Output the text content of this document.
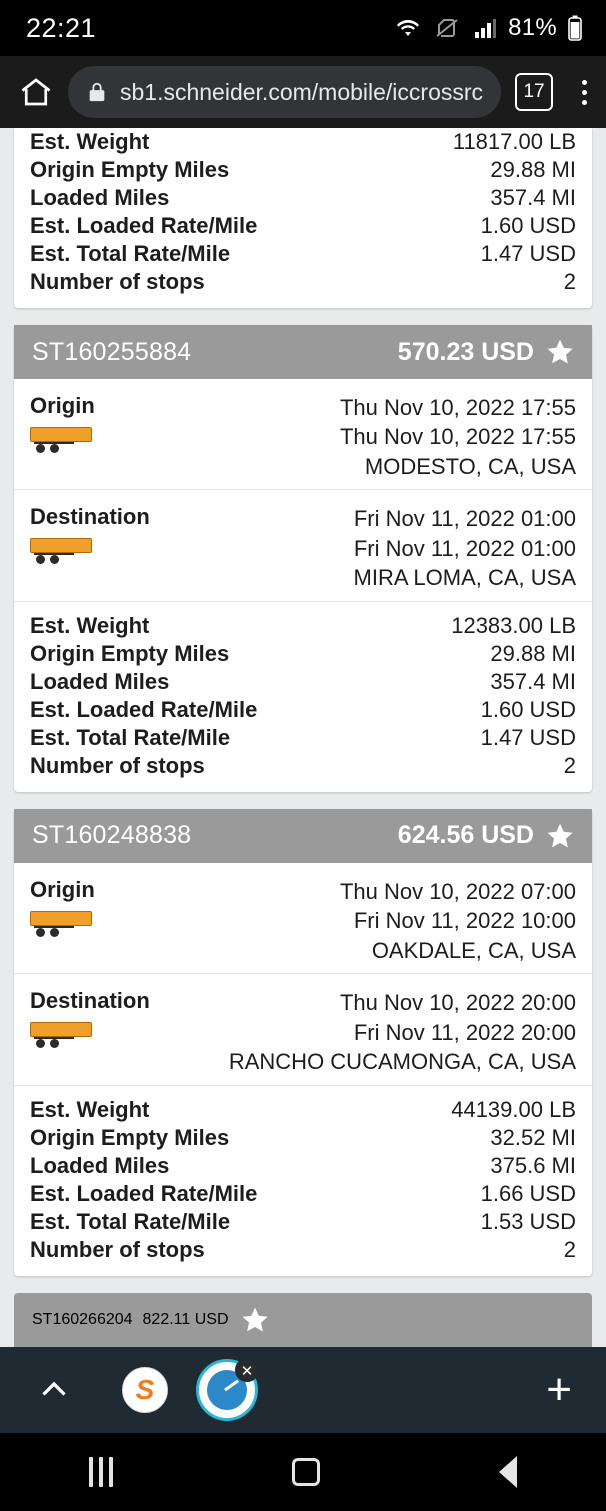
22:21	81%
sb1.schneider.com/mobile/iccrossrc	17
Est. Weight	11817.00 LB
Origin Empty Miles	29.88 MI
Loaded Miles	357.4 MI
Est. Loaded Rate/Mile	1.60 USD
Est. Total Rate/Mile	1.47 USD
Number of stops	2
ST160255884	570.23 USD
Origin	Thu Nov 10, 2022 17:55
Thu Nov 10, 2022 17:55
MODESTO, CA, USA
Destination	Fri Nov 11, 2022 01:00
Fri Nov 11, 2022 01:00
MIRA LOMA, CA, USA
Est. Weight	12383.00 LB
Origin Empty Miles	29.88 MI
Loaded Miles	357.4 MI
Est. Loaded Rate/Mile	1.60 USD
Est. Total Rate/Mile	1.47 USD
Number of stops	2
ST160248838	624.56 USD
Origin	Thu Nov 10, 2022 07:00
Fri Nov 11, 2022 10:00
OAKDALE, CA, USA
Destination	Thu Nov 10, 2022 20:00
Fri Nov 11, 2022 20:00
RANCHO CUCAMONGA, CA, USA
Est. Weight	44139.00 LB
Origin Empty Miles	32.52 MI
Loaded Miles	375.6 MI
Est. Loaded Rate/Mile	1.66 USD
Est. Total Rate/Mile	1.53 USD
Number of stops	2
ST160266204 822.11 USD
S
✕	+
